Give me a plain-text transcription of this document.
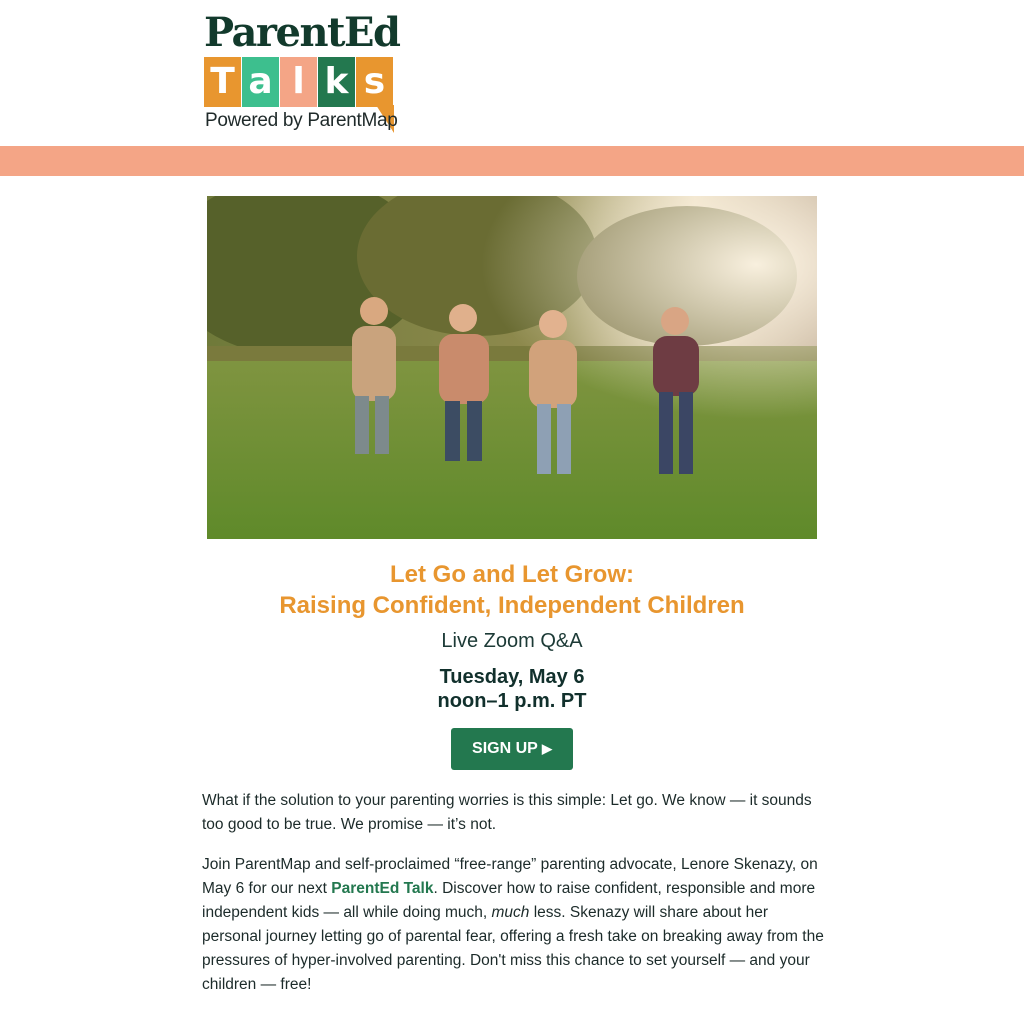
ParentEd
T a l k s
Powered by ParentMap
Let Go and Let Grow:
Raising Confident, Independent Children
Live Zoom Q&A
Tuesday, May 6
noon–1 p.m. PT
SIGN UP ▶

What if the solution to your parenting worries is this simple: Let go. We know — it sounds too good to be true. We promise — it’s not.

Join ParentMap and self-proclaimed “free-range” parenting advocate, Lenore Skenazy, on May 6 for our next ParentEd Talk. Discover how to raise confident, responsible and more independent kids — all while doing much, much less. Skenazy will share about her personal journey letting go of parental fear, offering a fresh take on breaking away from the pressures of hyper-involved parenting. Don't miss this chance to set yourself — and your children — free!
